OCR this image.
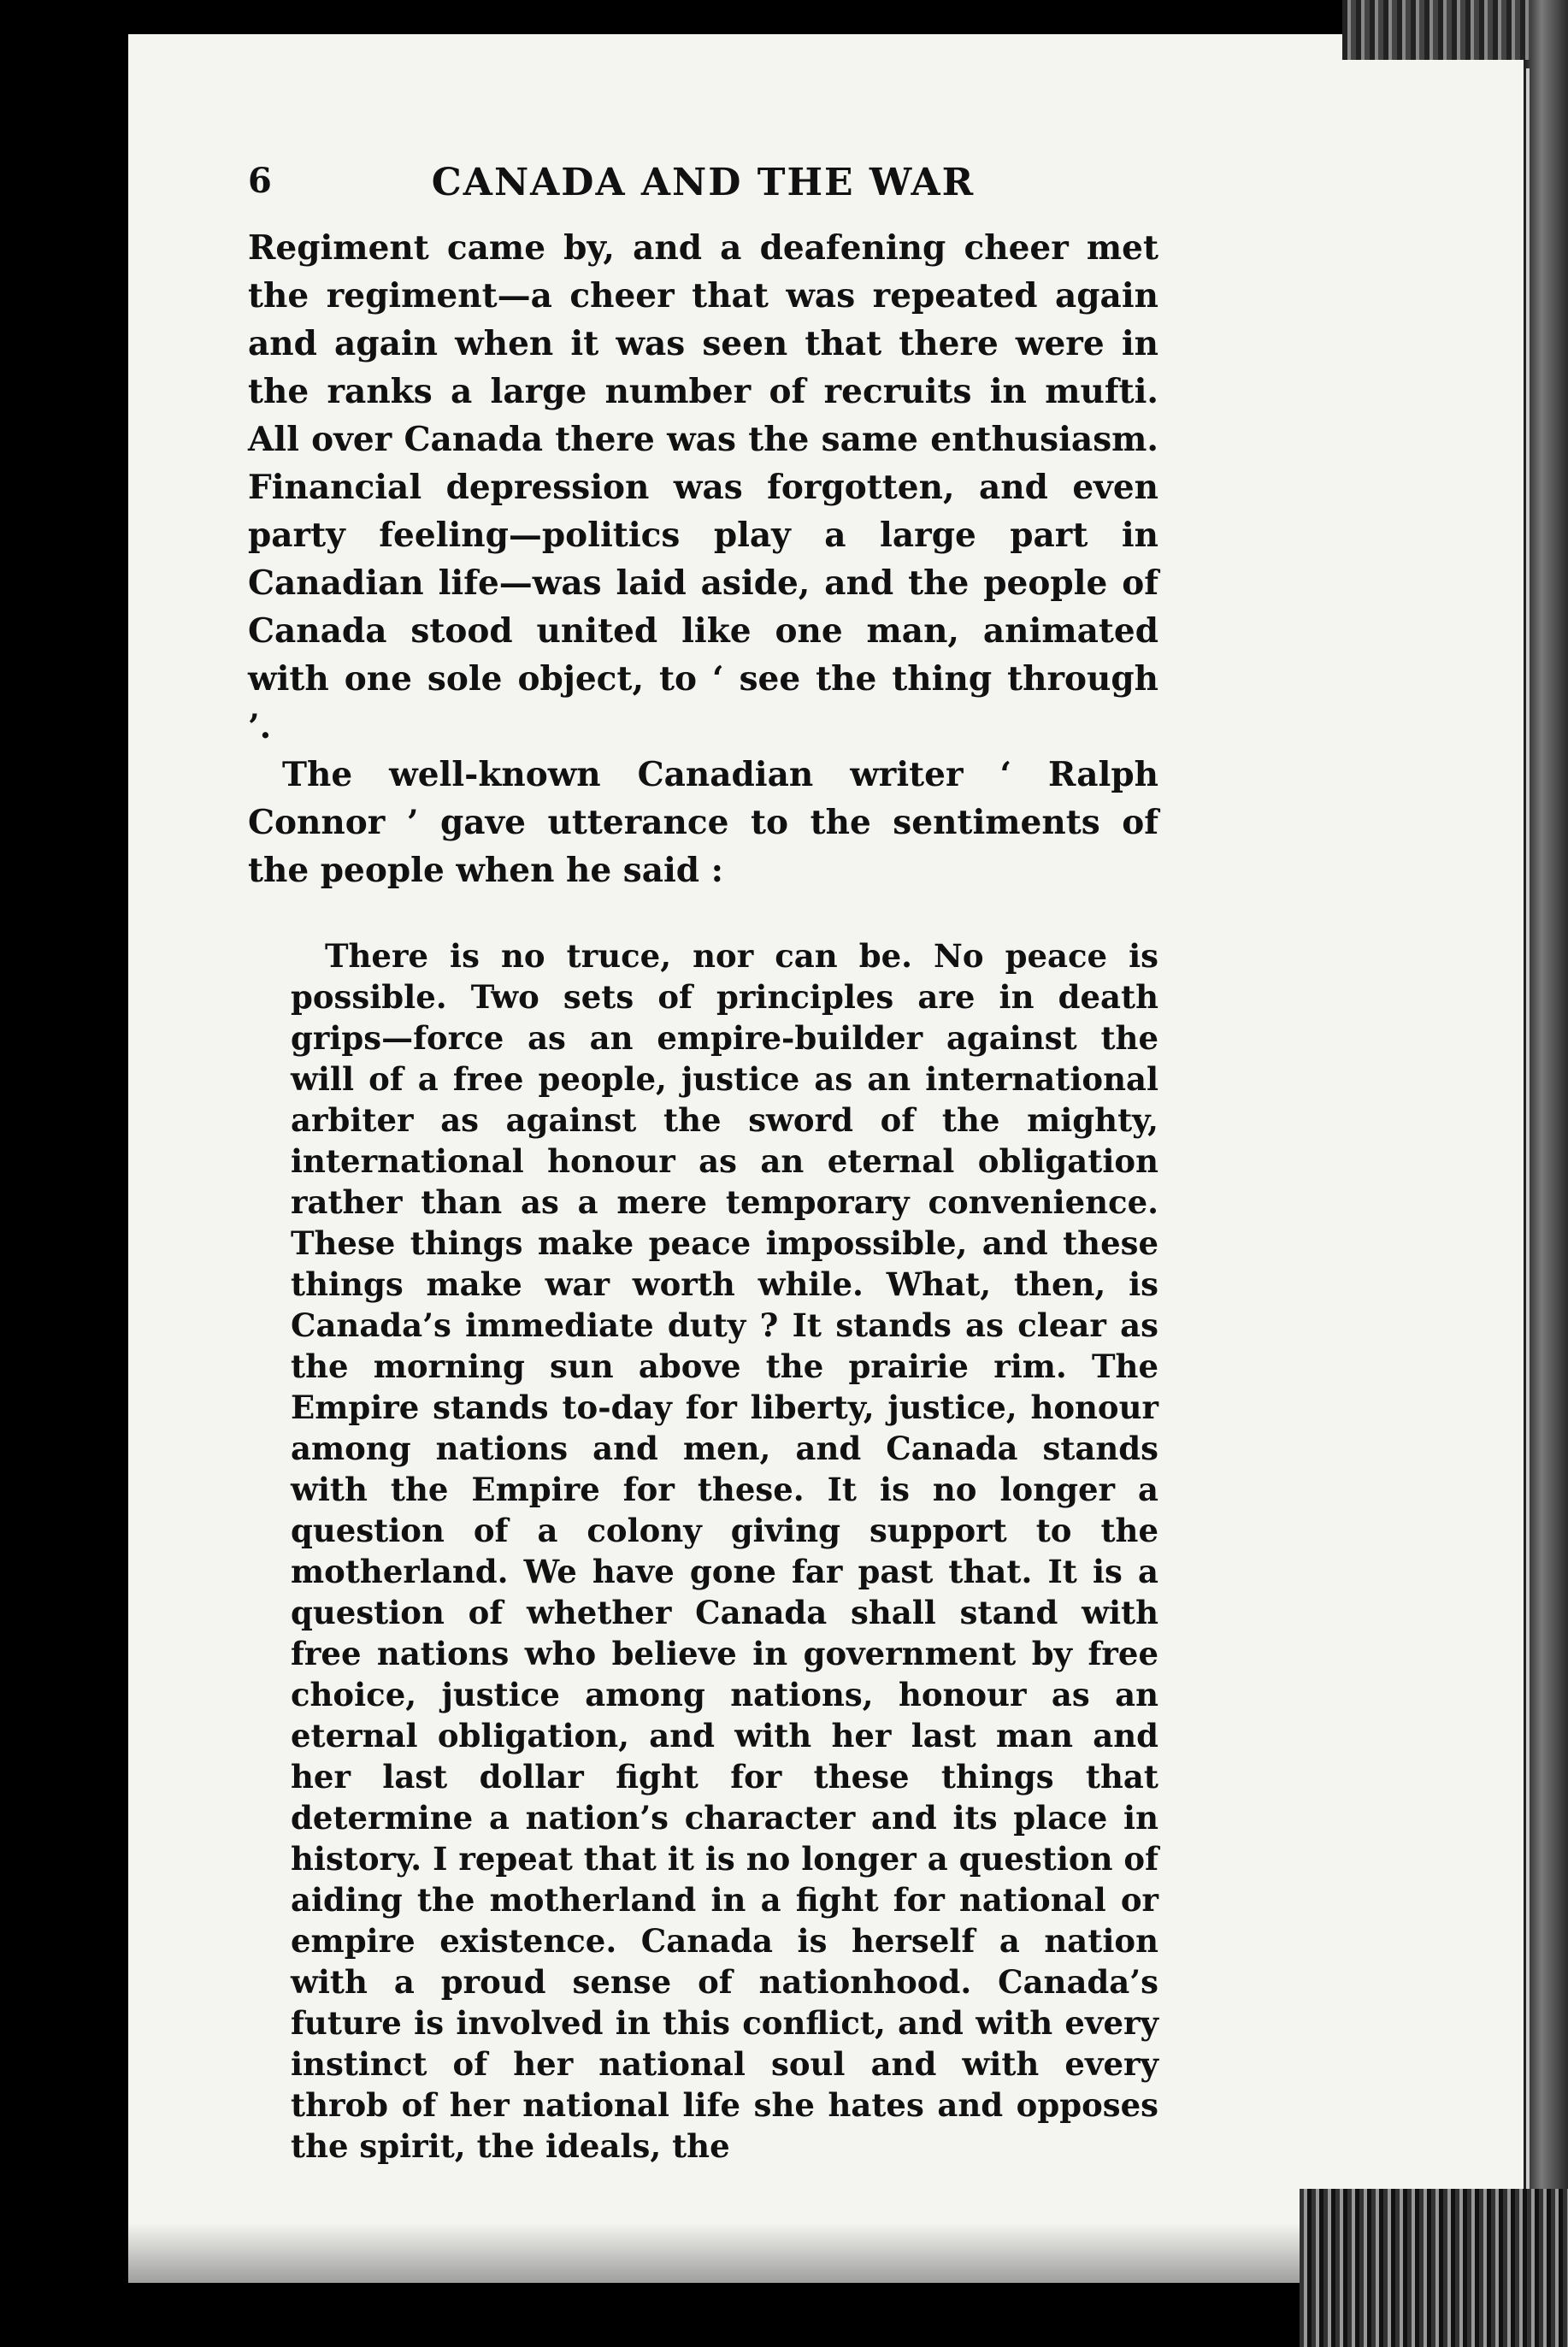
6	CANADA AND THE WAR

Regiment came by, and a deafening cheer met the regiment—a cheer that was repeated again and again when it was seen that there were in the ranks a large number of recruits in mufti. All over Canada there was the same enthusiasm. Financial depression was forgotten, and even party feeling—politics play a large part in Canadian life—was laid aside, and the people of Canada stood united like one man, animated with one sole object, to ‘ see the thing through ’.

The well-known Canadian writer ‘ Ralph Connor ’ gave utterance to the sentiments of the people when he said :

There is no truce, nor can be. No peace is possible. Two sets of principles are in death grips—force as an empire-builder against the will of a free people, justice as an international arbiter as against the sword of the mighty, international honour as an eternal obligation rather than as a mere temporary convenience. These things make peace impossible, and these things make war worth while. What, then, is Canada’s immediate duty ? It stands as clear as the morning sun above the prairie rim. The Empire stands to-day for liberty, justice, honour among nations and men, and Canada stands with the Empire for these. It is no longer a question of a colony giving support to the motherland. We have gone far past that. It is a question of whether Canada shall stand with free nations who believe in government by free choice, justice among nations, honour as an eternal obligation, and with her last man and her last dollar fight for these things that determine a nation’s character and its place in history. I repeat that it is no longer a question of aiding the motherland in a fight for national or empire existence. Canada is herself a nation with a proud sense of nationhood. Canada’s future is involved in this conflict, and with every instinct of her national soul and with every throb of her national life she hates and opposes the spirit, the ideals, the
